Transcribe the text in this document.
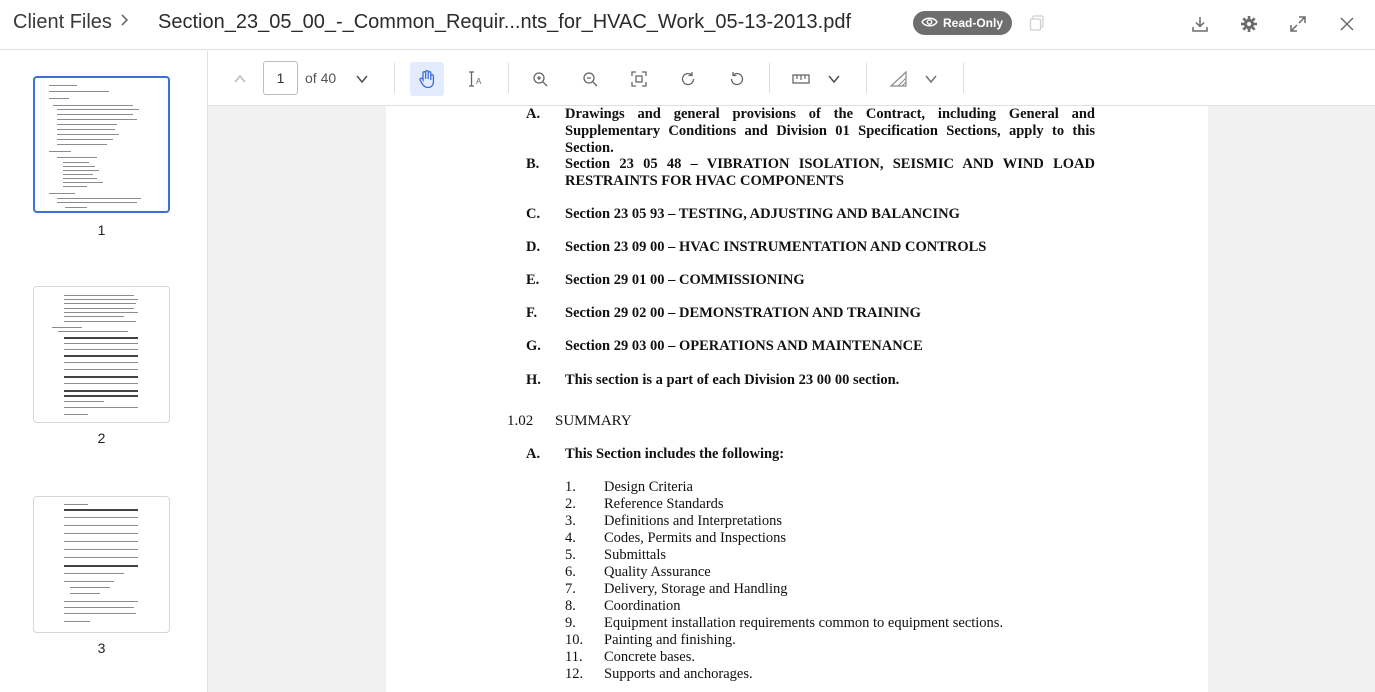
Client Files Section_23_05_00_-_Common_Requir...nts_for_HVAC_Work_05-13-2013.pdf	Read-Only
1
2
3
1
of 40	A
A. Drawings and general provisions of the Contract, including General and Supplementary Conditions and Division 01 Specification Sections, apply to this Section.
B. Section 23 05 48 – VIBRATION ISOLATION, SEISMIC AND WIND LOAD RESTRAINTS FOR HVAC COMPONENTS
C. Section 23 05 93 – TESTING, ADJUSTING AND BALANCING
D. Section 23 09 00 – HVAC INSTRUMENTATION AND CONTROLS
E. Section 29 01 00 – COMMISSIONING
F. Section 29 02 00 – DEMONSTRATION AND TRAINING
G. Section 29 03 00 – OPERATIONS AND MAINTENANCE
H. This section is a part of each Division 23 00 00 section.
1.02 SUMMARY
A. This Section includes the following:
1. Design Criteria
2. Reference Standards
3. Definitions and Interpretations
4. Codes, Permits and Inspections
5. Submittals
6. Quality Assurance
7. Delivery, Storage and Handling
8. Coordination
9. Equipment installation requirements common to equipment sections.
10. Painting and finishing.
11. Concrete bases.
12. Supports and anchorages.
